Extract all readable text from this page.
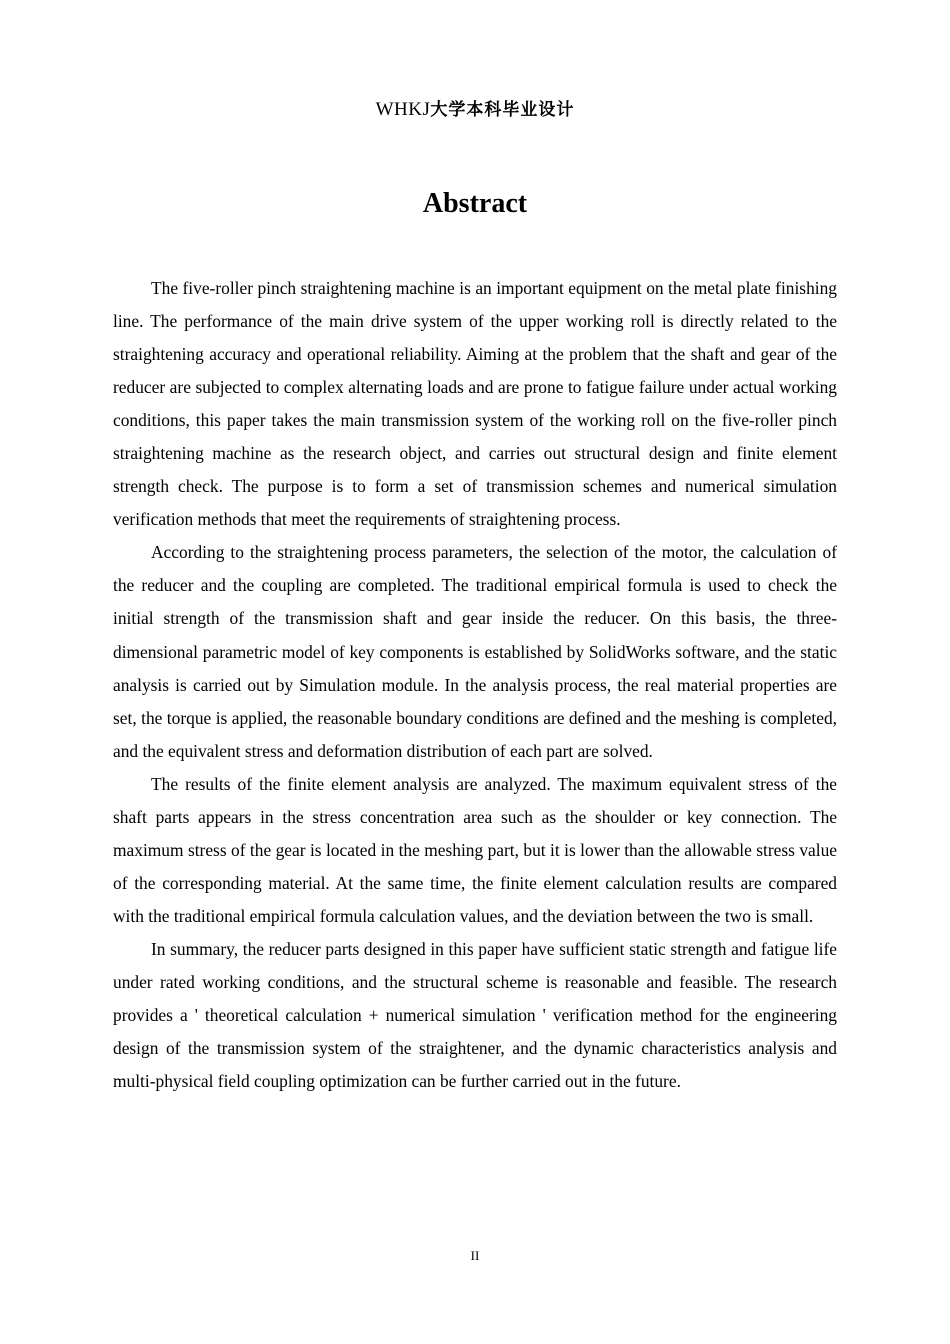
WHKJ大学本科毕业设计
Abstract

The five-roller pinch straightening machine is an important equipment on the metal plate finishing line. The performance of the main drive system of the upper working roll is directly related to the straightening accuracy and operational reliability. Aiming at the problem that the shaft and gear of the reducer are subjected to complex alternating loads and are prone to fatigue failure under actual working conditions, this paper takes the main transmission system of the working roll on the five-roller pinch straightening machine as the research object, and carries out structural design and finite element strength check. The purpose is to form a set of transmission schemes and numerical simulation verification methods that meet the requirements of straightening process.

According to the straightening process parameters, the selection of the motor, the calculation of the reducer and the coupling are completed. The traditional empirical formula is used to check the initial strength of the transmission shaft and gear inside the reducer. On this basis, the three-dimensional parametric model of key components is established by SolidWorks software, and the static analysis is carried out by Simulation module. In the analysis process, the real material properties are set, the torque is applied, the reasonable boundary conditions are defined and the meshing is completed, and the equivalent stress and deformation distribution of each part are solved.

The results of the finite element analysis are analyzed. The maximum equivalent stress of the shaft parts appears in the stress concentration area such as the shoulder or key connection. The maximum stress of the gear is located in the meshing part, but it is lower than the allowable stress value of the corresponding material. At the same time, the finite element calculation results are compared with the traditional empirical formula calculation values, and the deviation between the two is small.

In summary, the reducer parts designed in this paper have sufficient static strength and fatigue life under rated working conditions, and the structural scheme is reasonable and feasible. The research provides a ' theoretical calculation + numerical simulation ' verification method for the engineering design of the transmission system of the straightener, and the dynamic characteristics analysis and multi-physical field coupling optimization can be further carried out in the future.

II
